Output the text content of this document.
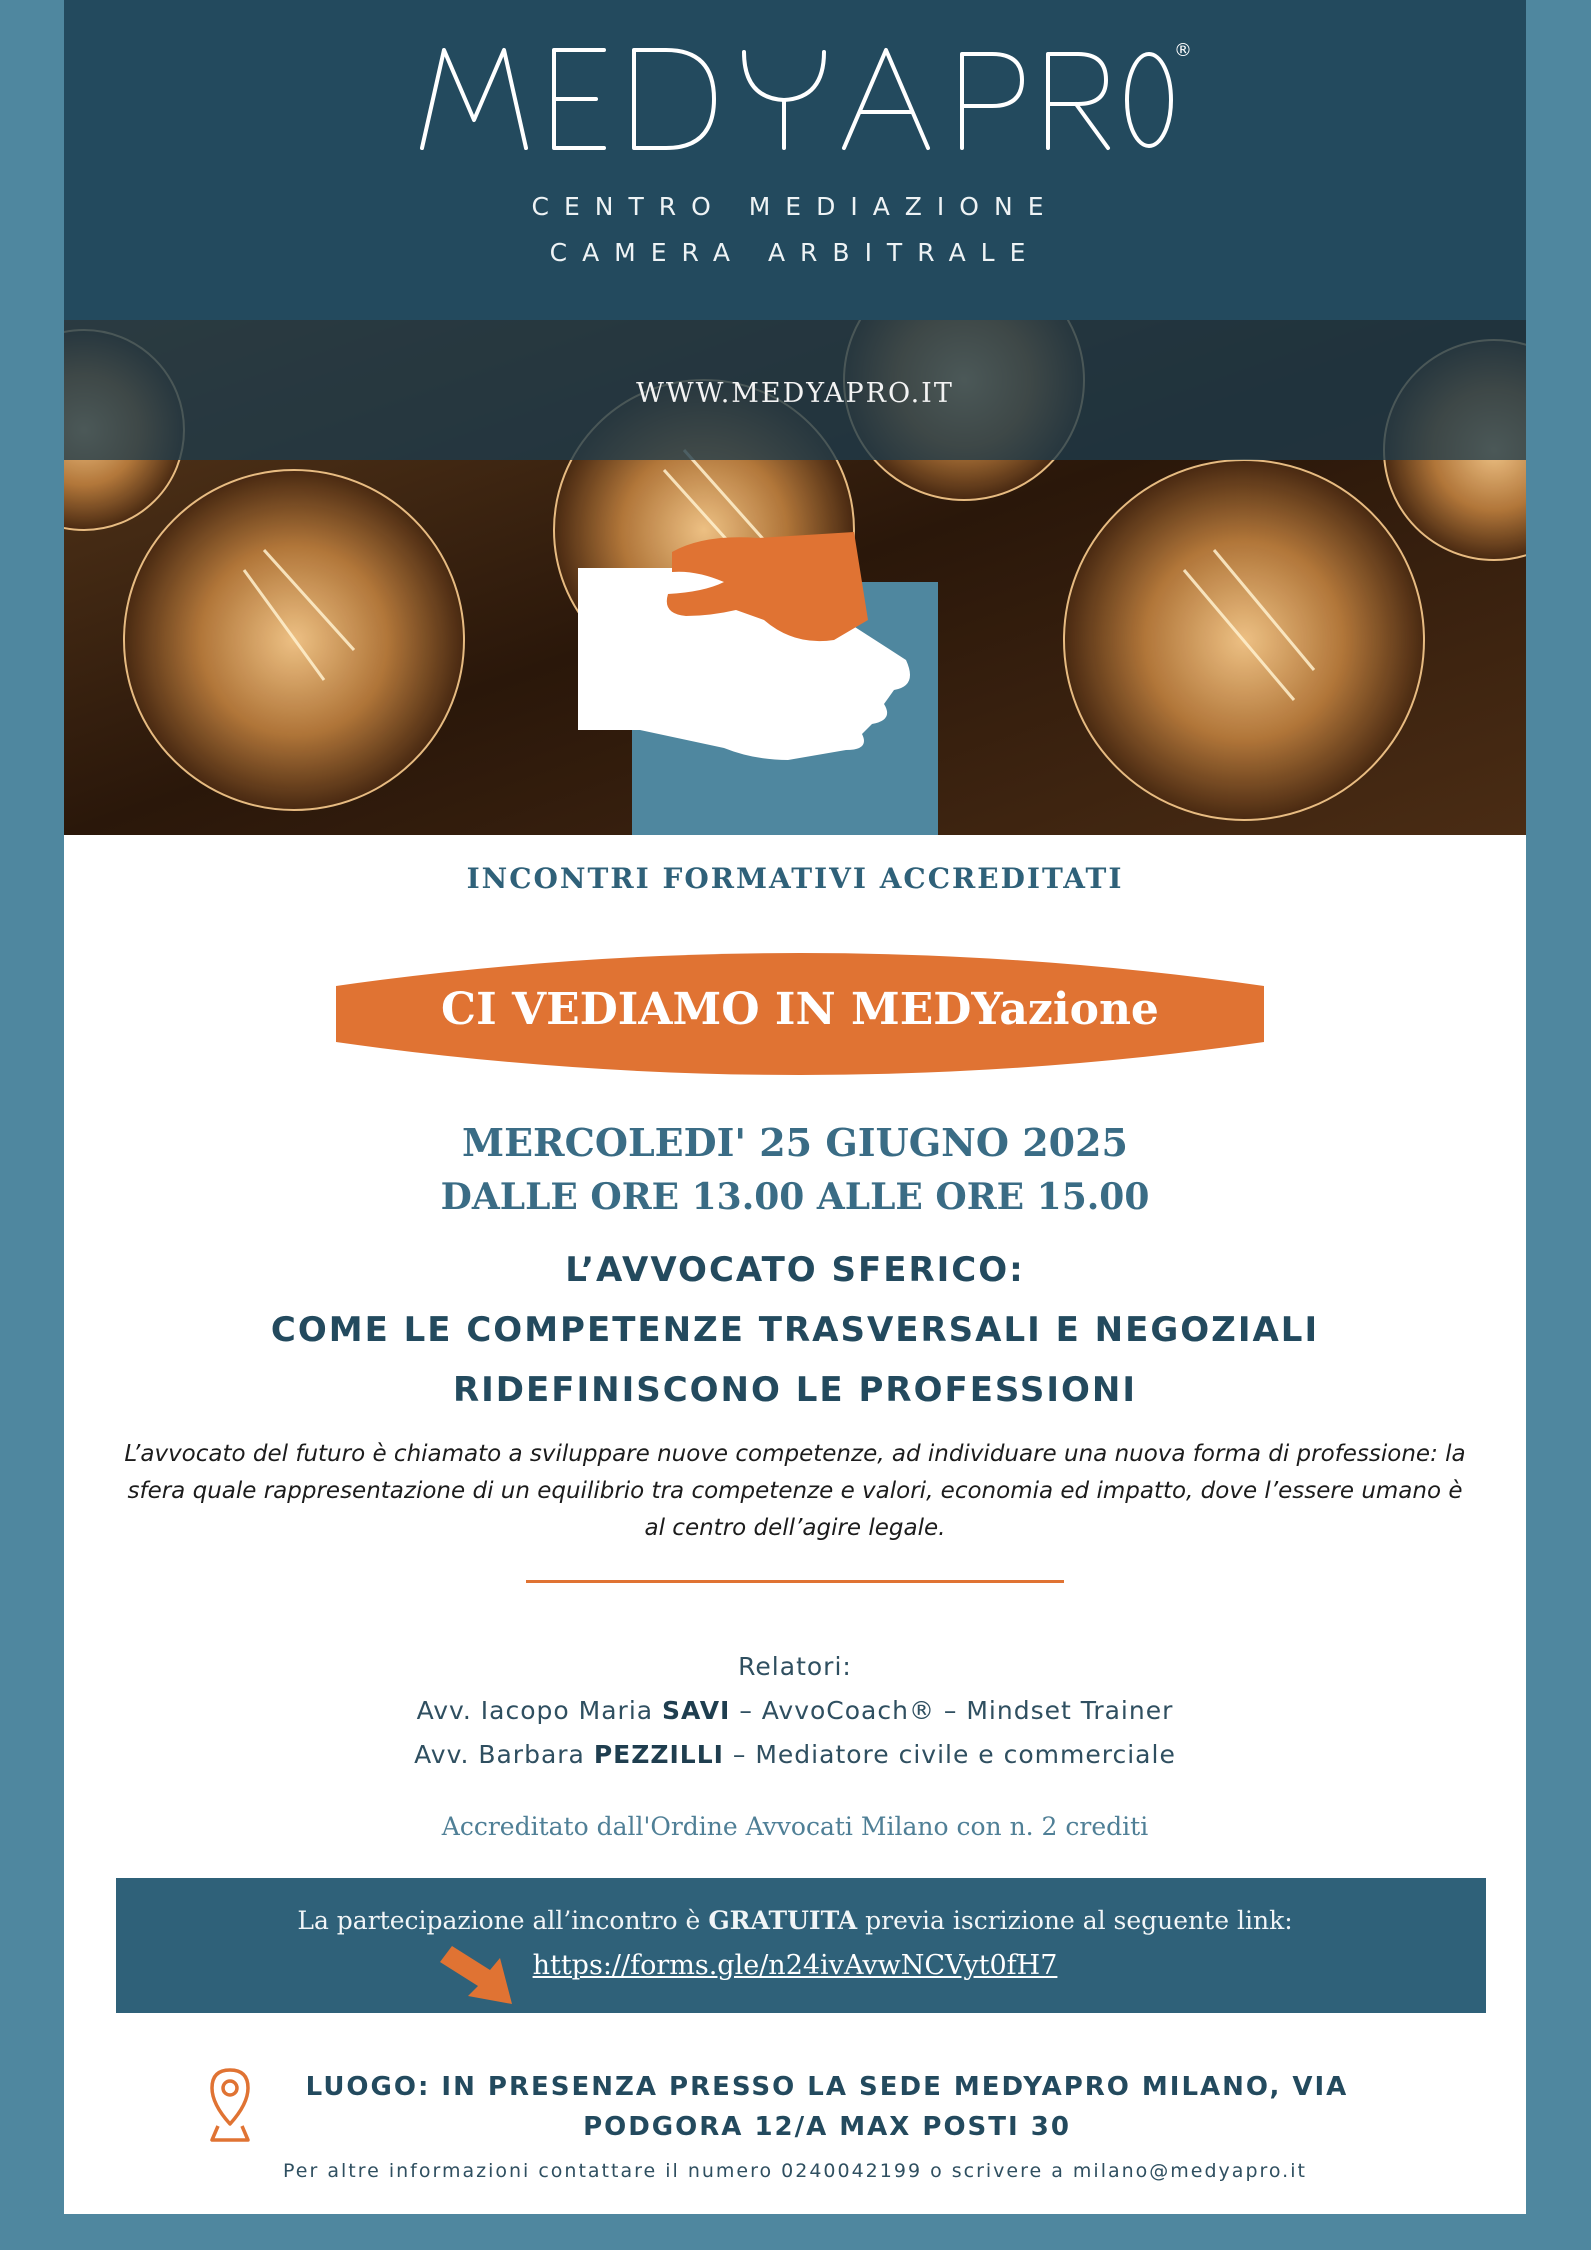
®
CENTRO MEDIAZIONE
CAMERA ARBITRALE
WWW.MEDYAPRO.IT
INCONTRI FORMATIVI ACCREDITATI
CI VEDIAMO IN MEDYazione
MERCOLEDI' 25 GIUGNO 2025
DALLE ORE 13.00 ALLE ORE 15.00
L’AVVOCATO SFERICO:
COME LE COMPETENZE TRASVERSALI E NEGOZIALI
RIDEFINISCONO LE PROFESSIONI
L’avvocato del futuro è chiamato a sviluppare nuove competenze, ad individuare una nuova forma di professione: la sfera quale rappresentazione di un equilibrio tra competenze e valori, economia ed impatto, dove l’essere umano è al centro dell’agire legale.
Relatori:
Avv. Iacopo Maria SAVI – AvvoCoach® – Mindset Trainer
Avv. Barbara PEZZILLI – Mediatore civile e commerciale
Accreditato dall'Ordine Avvocati Milano con n. 2 crediti
La partecipazione all’incontro è GRATUITA previa iscrizione al seguente link:
https://forms.gle/n24ivAvwNCVyt0fH7
LUOGO: IN PRESENZA PRESSO LA SEDE MEDYAPRO MILANO, VIA
PODGORA 12/A MAX POSTI 30
Per altre informazioni contattare il numero 0240042199 o scrivere a milano@medyapro.it
